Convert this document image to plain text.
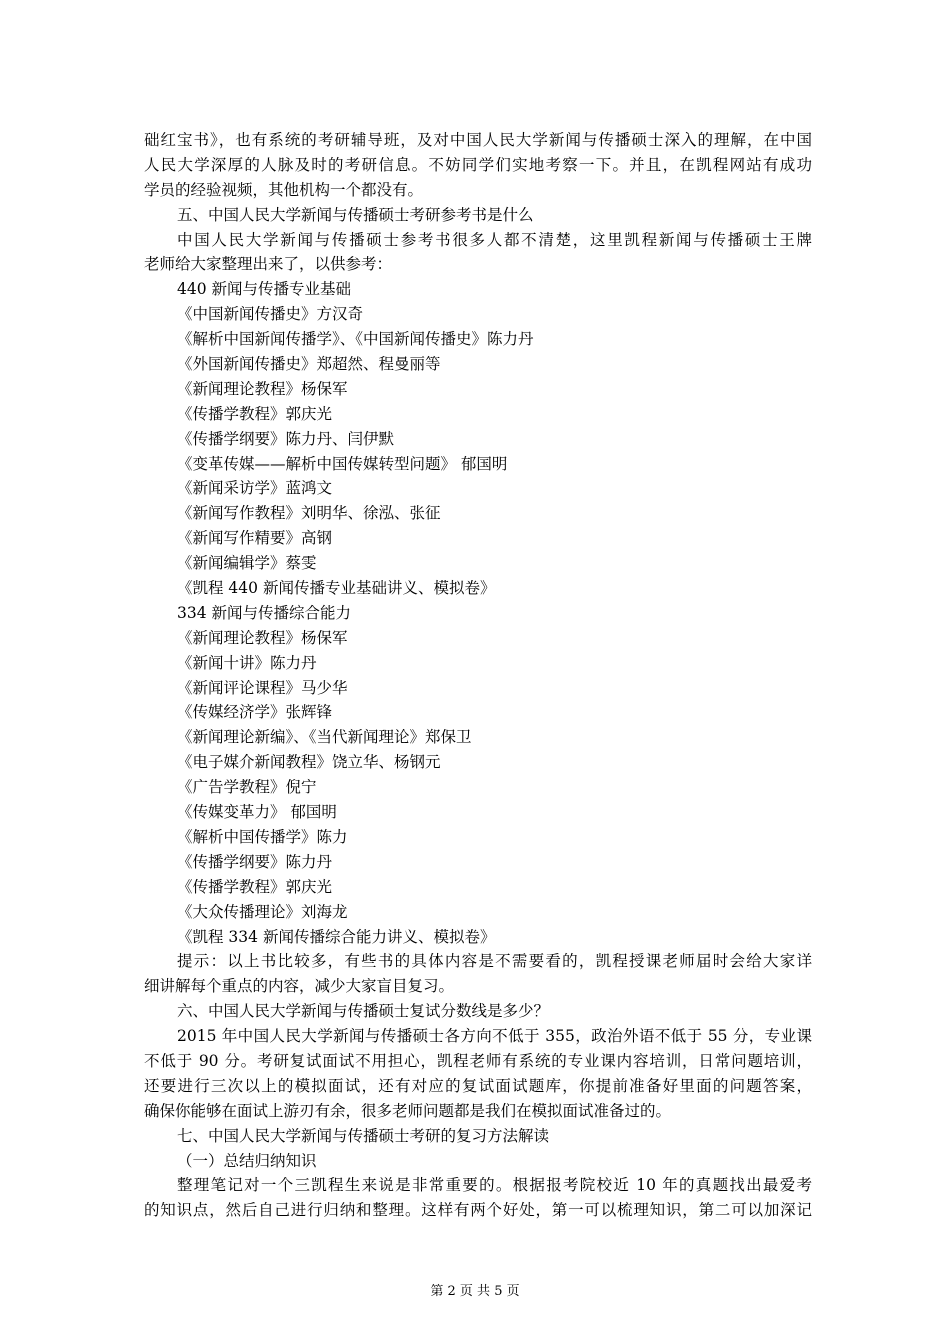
础红宝书》，也有系统的考研辅导班，及对中国人民大学新闻与传播硕士深入的理解，在中国
人民大学深厚的人脉及时的考研信息。不妨同学们实地考察一下。并且，在凯程网站有成功
学员的经验视频，其他机构一个都没有。
五、中国人民大学新闻与传播硕士考研参考书是什么
中国人民大学新闻与传播硕士参考书很多人都不清楚，这里凯程新闻与传播硕士王牌
老师给大家整理出来了，以供参考：
440 新闻与传播专业基础
《中国新闻传播史》方汉奇
《解析中国新闻传播学》、《中国新闻传播史》陈力丹
《外国新闻传播史》郑超然、程曼丽等
《新闻理论教程》杨保军
《传播学教程》郭庆光
《传播学纲要》陈力丹、闫伊默
《变革传媒——解析中国传媒转型问题》 郁国明
《新闻采访学》蓝鸿文
《新闻写作教程》刘明华、徐泓、张征
《新闻写作精要》高钢
《新闻编辑学》蔡雯
《凯程 440 新闻传播专业基础讲义、模拟卷》
334 新闻与传播综合能力
《新闻理论教程》杨保军
《新闻十讲》陈力丹
《新闻评论课程》马少华
《传媒经济学》张辉锋
《新闻理论新编》、《当代新闻理论》郑保卫
《电子媒介新闻教程》饶立华、杨钢元
《广告学教程》倪宁
《传媒变革力》 郁国明
《解析中国传播学》陈力
《传播学纲要》陈力丹
《传播学教程》郭庆光
《大众传播理论》刘海龙
《凯程 334 新闻传播综合能力讲义、模拟卷》
提示：以上书比较多，有些书的具体内容是不需要看的，凯程授课老师届时会给大家详
细讲解每个重点的内容，减少大家盲目复习。
六、中国人民大学新闻与传播硕士复试分数线是多少？
2015 年中国人民大学新闻与传播硕士各方向不低于 355，政治外语不低于 55 分，专业课
不低于 90 分。考研复试面试不用担心，凯程老师有系统的专业课内容培训，日常问题培训，
还要进行三次以上的模拟面试，还有对应的复试面试题库，你提前准备好里面的问题答案，
确保你能够在面试上游刃有余，很多老师问题都是我们在模拟面试准备过的。
七、中国人民大学新闻与传播硕士考研的复习方法解读
（一）总结归纳知识
整理笔记对一个三凯程生来说是非常重要的。根据报考院校近 10 年的真题找出最爱考
的知识点，然后自己进行归纳和整理。这样有两个好处，第一可以梳理知识，第二可以加深记
第 2 页 共 5 页
